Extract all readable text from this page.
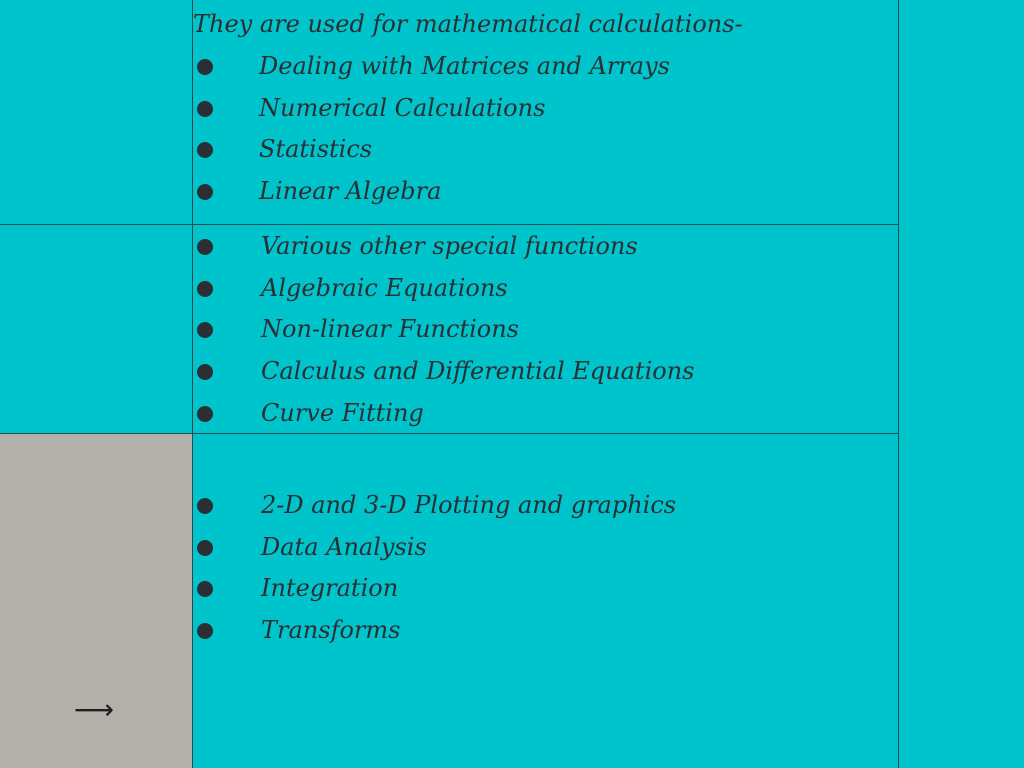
They are used for mathematical calculations-
Dealing with Matrices and Arrays
Numerical Calculations
Statistics
Linear Algebra
Various other special functions
Algebraic Equations
Non-linear Functions
Calculus and Differential Equations
Curve Fitting
2-D and 3-D Plotting and graphics
Data Analysis
Integration
Transforms
⟶
